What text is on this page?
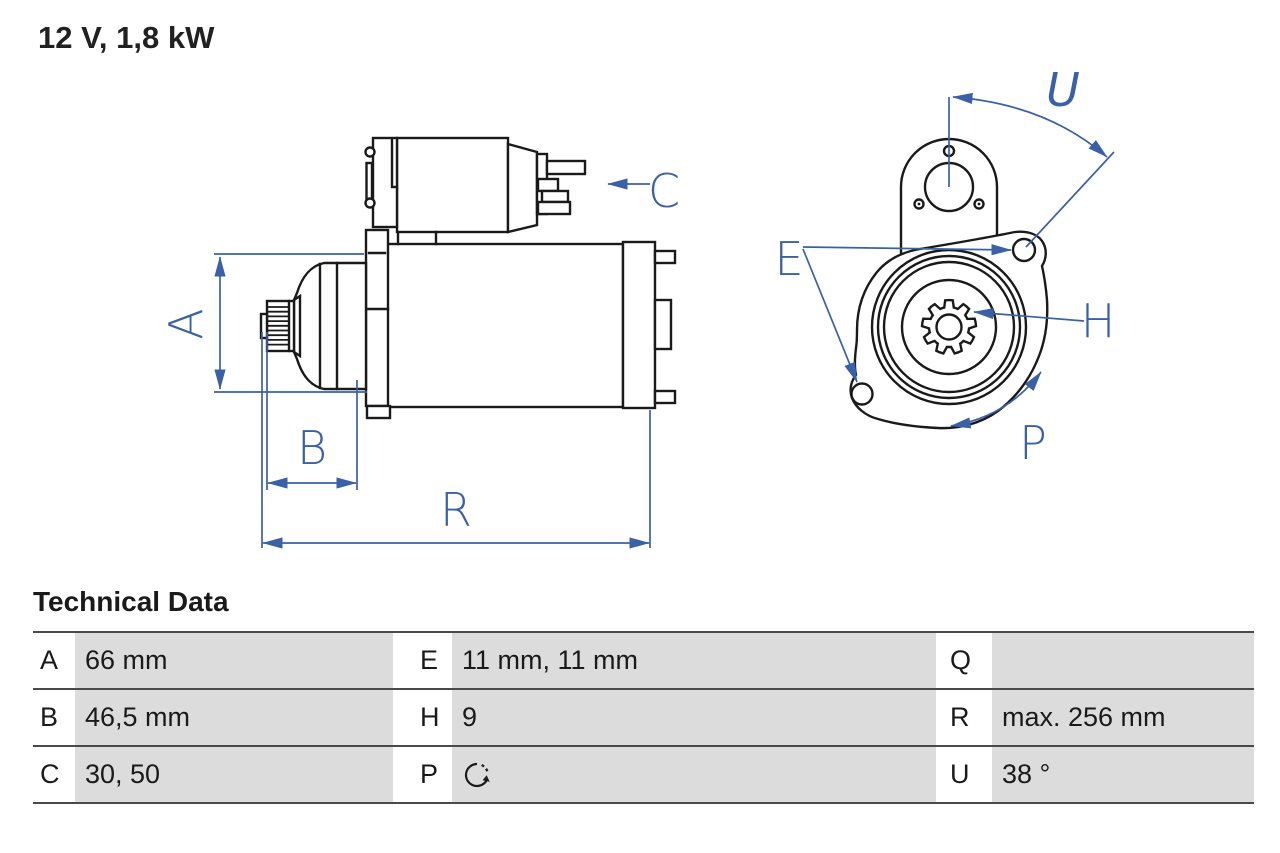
12 V, 1,8 kW
A
B
R
C
U
E
H
P
Technical Data
A 66 mm	E 11 mm, 11 mm	Q
B 46,5 mm	H 9	R	max. 256 mm
C 30, 50	P	U	38 °
